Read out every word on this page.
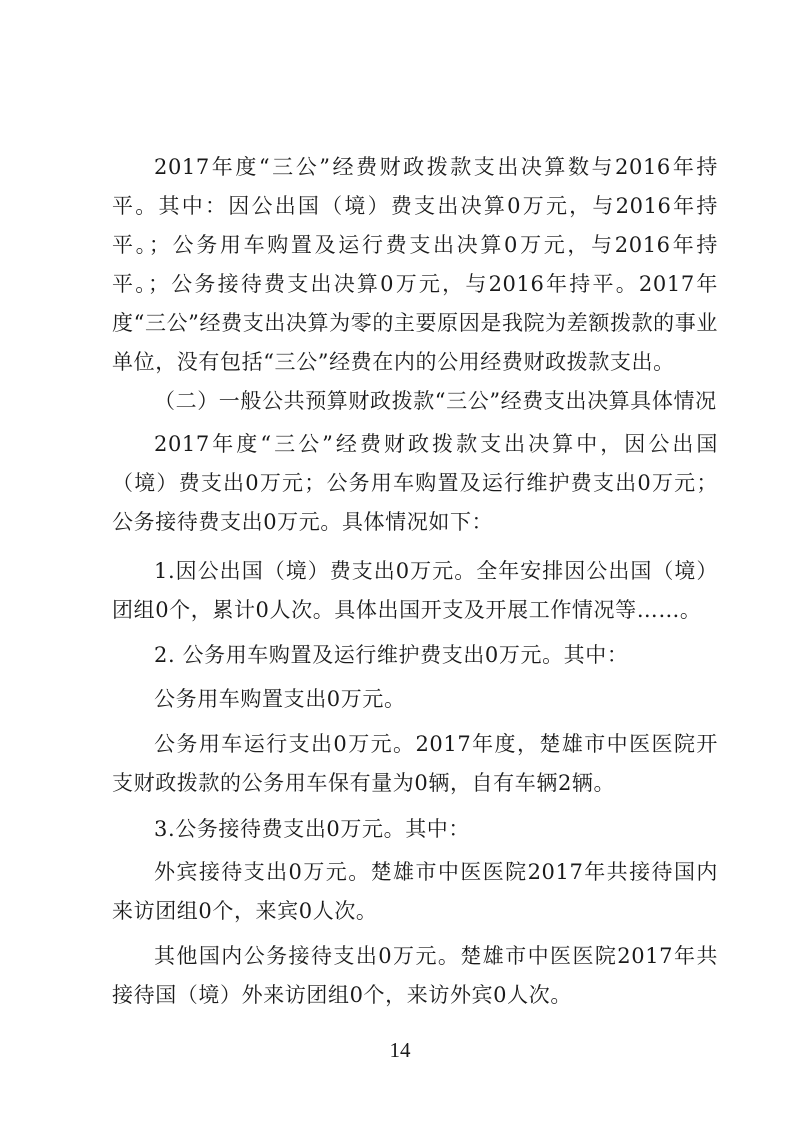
2017年度“三公”经费财政拨款支出决算数与2016年持平。其中：因公出国（境）费支出决算0万元，与2016年持平。；公务用车购置及运行费支出决算0万元，与2016年持平。；公务接待费支出决算0万元，与2016年持平。2017年度“三公”经费支出决算为零的主要原因是我院为差额拨款的事业单位，没有包括“三公”经费在内的公用经费财政拨款支出。

（二）一般公共预算财政拨款“三公”经费支出决算具体情况

2017年度“三公”经费财政拨款支出决算中，因公出国（境）费支出0万元；公务用车购置及运行维护费支出0万元；公务接待费支出0万元。具体情况如下：

1.因公出国（境）费支出0万元。全年安排因公出国（境）团组0个，累计0人次。具体出国开支及开展工作情况等……。

2. 公务用车购置及运行维护费支出0万元。其中：

公务用车购置支出0万元。

公务用车运行支出0万元。2017年度，楚雄市中医医院开支财政拨款的公务用车保有量为0辆，自有车辆2辆。

3.公务接待费支出0万元。其中：

外宾接待支出0万元。楚雄市中医医院2017年共接待国内来访团组0个，来宾0人次。

其他国内公务接待支出0万元。楚雄市中医医院2017年共接待国（境）外来访团组0个，来访外宾0人次。

14
